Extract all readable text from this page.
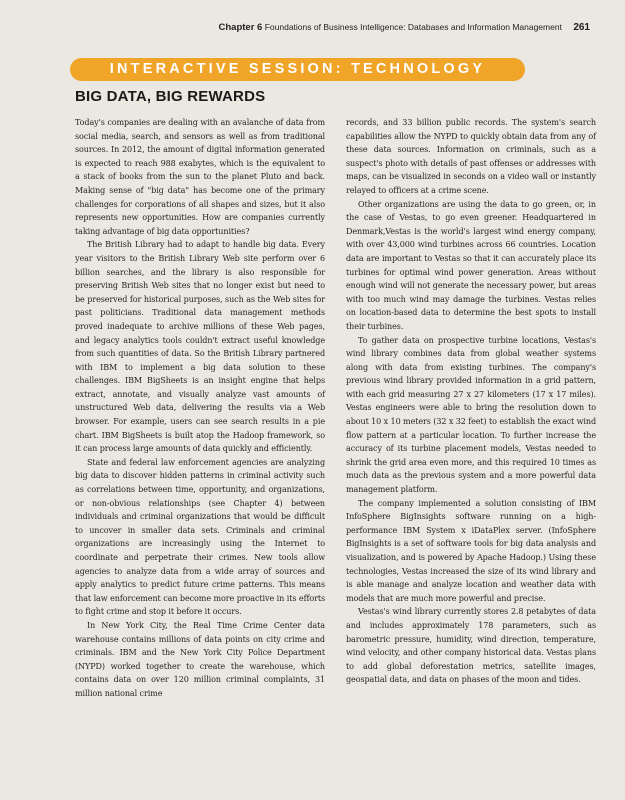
Chapter 6 Foundations of Business Intelligence: Databases and Information Management 261
INTERACTIVE SESSION: TECHNOLOGY
BIG DATA, BIG REWARDS

Today's companies are dealing with an avalanche of data from social media, search, and sensors as well as from traditional sources. In 2012, the amount of digital information generated is expected to reach 988 exabytes, which is the equivalent to a stack of books from the sun to the planet Pluto and back. Making sense of "big data" has become one of the primary challenges for corporations of all shapes and sizes, but it also represents new opportunities. How are companies currently taking advantage of big data opportunities?

The British Library had to adapt to handle big data. Every year visitors to the British Library Web site perform over 6 billion searches, and the library is also responsible for preserving British Web sites that no longer exist but need to be preserved for historical purposes, such as the Web sites for past politicians. Traditional data management methods proved inadequate to archive millions of these Web pages, and legacy analytics tools couldn't extract useful knowledge from such quantities of data. So the British Library partnered with IBM to implement a big data solution to these challenges. IBM BigSheets is an insight engine that helps extract, annotate, and visually analyze vast amounts of unstructured Web data, delivering the results via a Web browser. For example, users can see search results in a pie chart. IBM BigSheets is built atop the Hadoop framework, so it can process large amounts of data quickly and efficiently.

State and federal law enforcement agencies are analyzing big data to discover hidden patterns in criminal activity such as correlations between time, opportunity, and organizations, or non-obvious relationships (see Chapter 4) between individuals and criminal organizations that would be difficult to uncover in smaller data sets. Criminals and criminal organizations are increasingly using the Internet to coordinate and perpetrate their crimes. New tools allow agencies to analyze data from a wide array of sources and apply analytics to predict future crime patterns. This means that law enforcement can become more proactive in its efforts to fight crime and stop it before it occurs.

In New York City, the Real Time Crime Center data warehouse contains millions of data points on city crime and criminals. IBM and the New York City Police Department (NYPD) worked together to create the warehouse, which contains data on over 120 million criminal complaints, 31 million national crime

records, and 33 billion public records. The system's search capabilities allow the NYPD to quickly obtain data from any of these data sources. Information on criminals, such as a suspect's photo with details of past offenses or addresses with maps, can be visualized in seconds on a video wall or instantly relayed to officers at a crime scene.

Other organizations are using the data to go green, or, in the case of Vestas, to go even greener. Headquartered in Denmark,Vestas is the world's largest wind energy company, with over 43,000 wind turbines across 66 countries. Location data are important to Vestas so that it can accurately place its turbines for optimal wind power generation. Areas without enough wind will not generate the necessary power, but areas with too much wind may damage the turbines. Vestas relies on location-based data to determine the best spots to install their turbines.

To gather data on prospective turbine locations, Vestas's wind library combines data from global weather systems along with data from existing turbines. The company's previous wind library provided information in a grid pattern, with each grid measuring 27 x 27 kilometers (17 x 17 miles). Vestas engineers were able to bring the resolution down to about 10 x 10 meters (32 x 32 feet) to establish the exact wind flow pattern at a particular location. To further increase the accuracy of its turbine placement models, Vestas needed to shrink the grid area even more, and this required 10 times as much data as the previous system and a more powerful data management platform.

The company implemented a solution consisting of IBM InfoSphere BigInsights software running on a high-performance IBM System x iDataPlex server. (InfoSphere BigInsights is a set of software tools for big data analysis and visualization, and is powered by Apache Hadoop.) Using these technologies, Vestas increased the size of its wind library and is able manage and analyze location and weather data with models that are much more powerful and precise.

Vestas's wind library currently stores 2.8 petabytes of data and includes approximately 178 parameters, such as barometric pressure, humidity, wind direction, temperature, wind velocity, and other company historical data. Vestas plans to add global deforestation metrics, satellite images, geospatial data, and data on phases of the moon and tides.
